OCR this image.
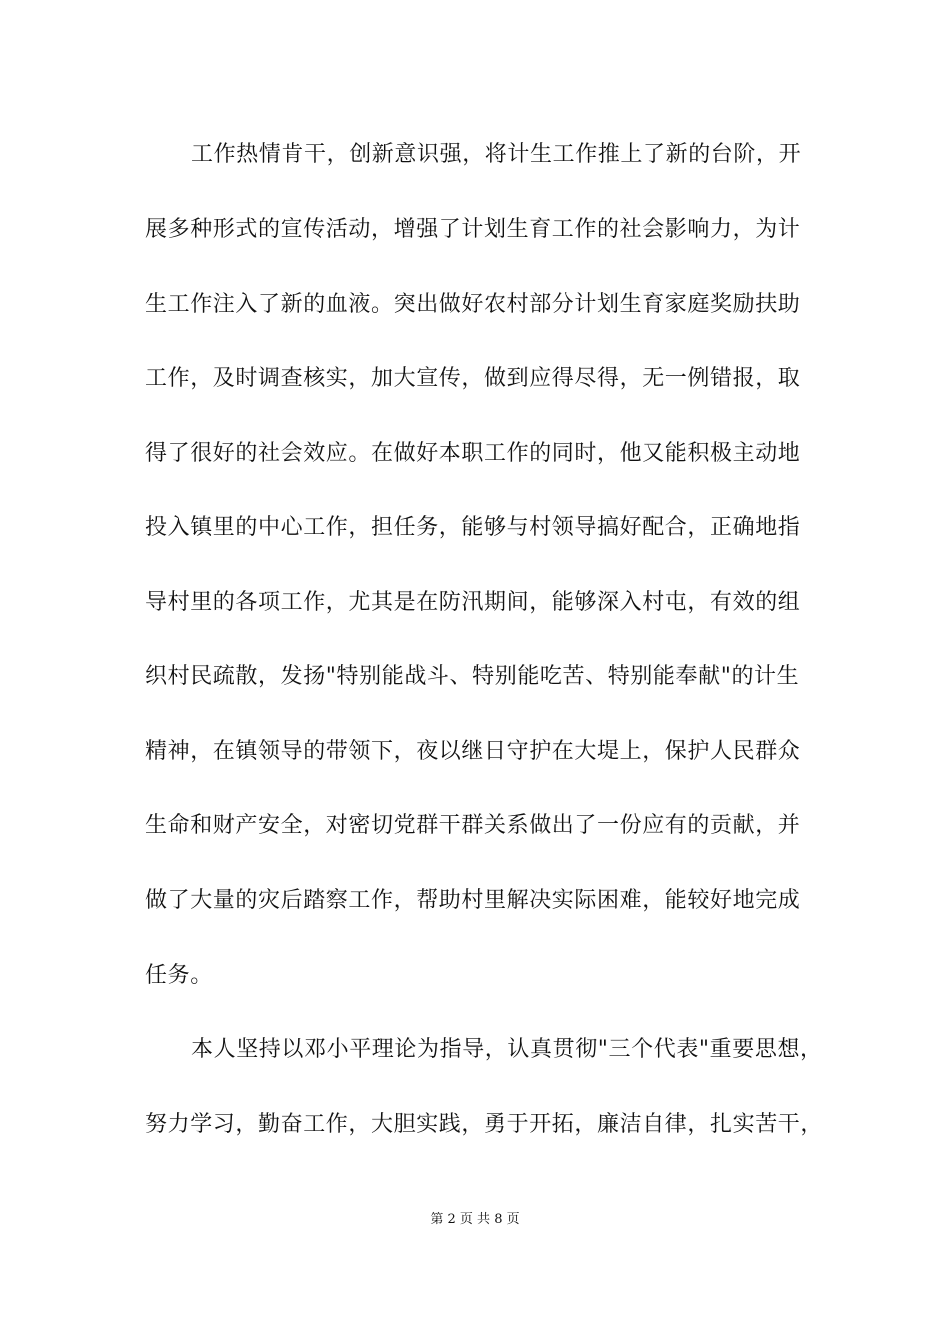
工作热情肯干，创新意识强，将计生工作推上了新的台阶，开
展多种形式的宣传活动，增强了计划生育工作的社会影响力，为计
生工作注入了新的血液。突出做好农村部分计划生育家庭奖励扶助
工作，及时调查核实，加大宣传，做到应得尽得，无一例错报，取
得了很好的社会效应。在做好本职工作的同时，他又能积极主动地
投入镇里的中心工作，担任务，能够与村领导搞好配合，正确地指
导村里的各项工作，尤其是在防汛期间，能够深入村屯，有效的组
织村民疏散，发扬"特别能战斗、特别能吃苦、特别能奉献"的计生
精神，在镇领导的带领下，夜以继日守护在大堤上，保护人民群众
生命和财产安全，对密切党群干群关系做出了一份应有的贡献，并
做了大量的灾后踏察工作，帮助村里解决实际困难，能较好地完成
任务。
本人坚持以邓小平理论为指导，认真贯彻"三个代表"重要思想，
努力学习，勤奋工作，大胆实践，勇于开拓，廉洁自律，扎实苦干，
第 2 页 共 8 页
